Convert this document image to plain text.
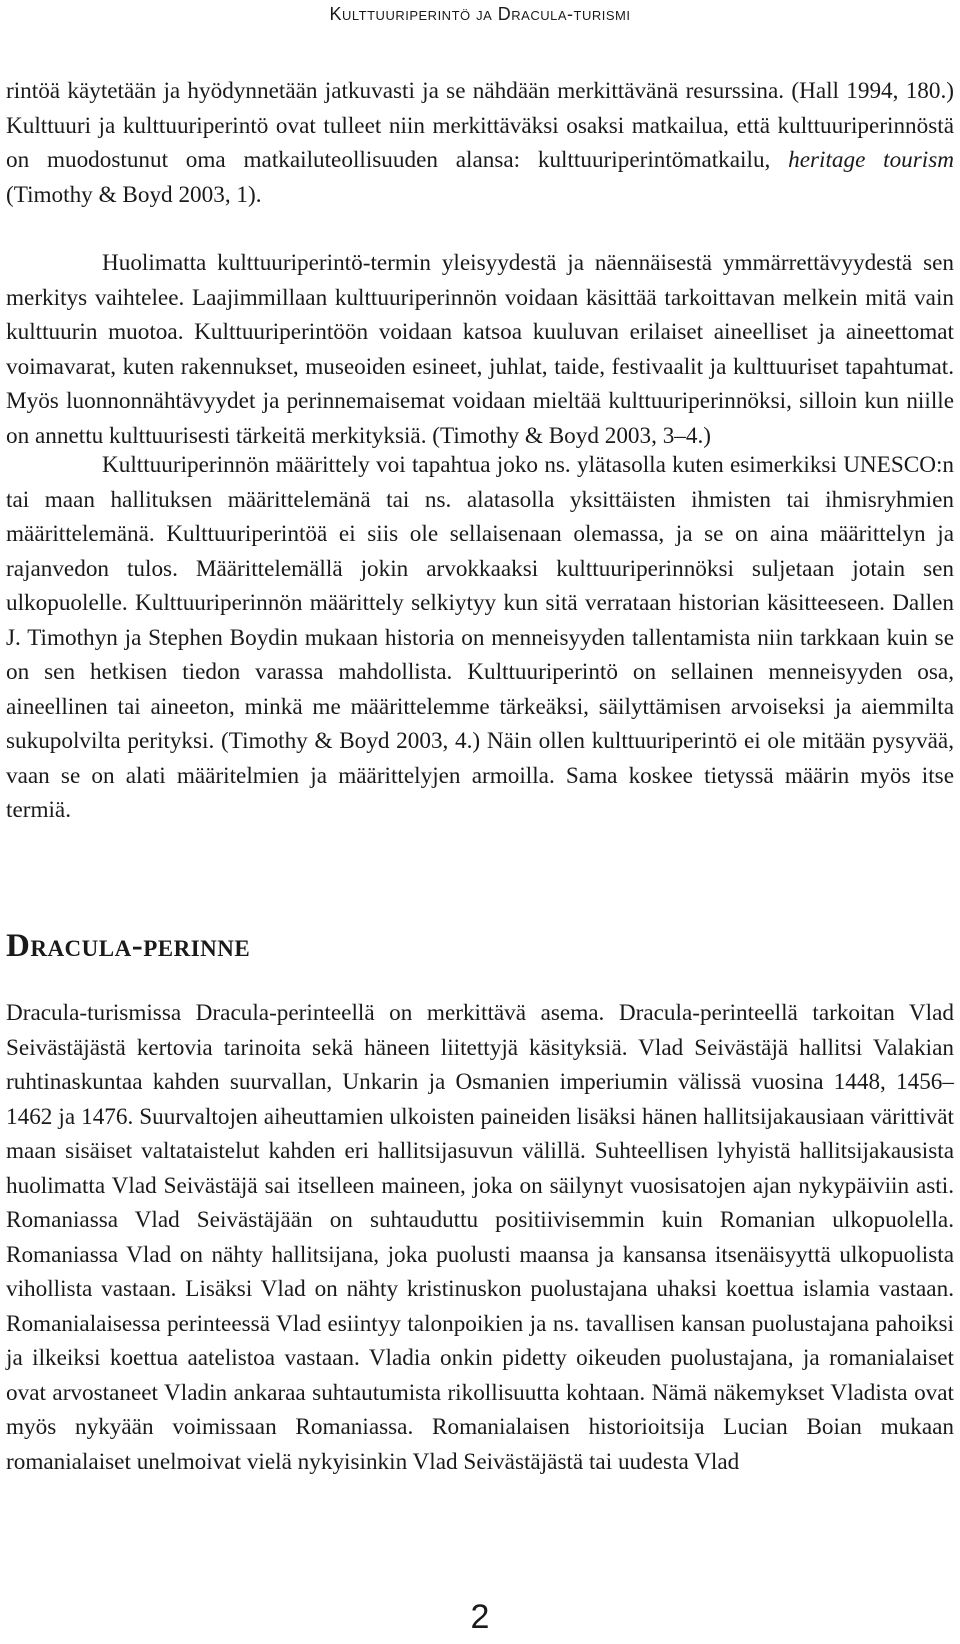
Kulttuuriperintö ja Dracula-turismi

rintöä käytetään ja hyödynnetään jatkuvasti ja se nähdään merkittävänä resurssina. (Hall 1994, 180.) Kulttuuri ja kulttuuriperintö ovat tulleet niin merkittäväksi osaksi matkailua, että kulttuuriperinnöstä on muodostunut oma matkailuteollisuuden alansa: kulttuuriperintömatkailu, heritage tourism (Timothy & Boyd 2003, 1).

Huolimatta kulttuuriperintö-termin yleisyydestä ja näennäisestä ymmärrettävyydestä sen merkitys vaihtelee. Laajimmillaan kulttuuriperinnön voidaan käsittää tarkoittavan melkein mitä vain kulttuurin muotoa. Kulttuuriperintöön voidaan katsoa kuuluvan erilaiset aineelliset ja aineettomat voimavarat, kuten rakennukset, museoiden esineet, juhlat, taide, festivaalit ja kulttuuriset tapahtumat. Myös luonnonnähtävyydet ja perinnemaisemat voidaan mieltää kulttuuriperinnöksi, silloin kun niille on annettu kulttuurisesti tärkeitä merkityksiä. (Timothy & Boyd 2003, 3–4.)

Kulttuuriperinnön määrittely voi tapahtua joko ns. ylätasolla kuten esimerkiksi UNESCO:n tai maan hallituksen määrittelemänä tai ns. alatasolla yksittäisten ihmisten tai ihmisryhmien määrittelemänä. Kulttuuriperintöä ei siis ole sellaisenaan olemassa, ja se on aina määrittelyn ja rajanvedon tulos. Määrittelemällä jokin arvokkaaksi kulttuuriperinnöksi suljetaan jotain sen ulkopuolelle. Kulttuuriperinnön määrittely selkiytyy kun sitä verrataan historian käsitteeseen. Dallen J. Timothyn ja Stephen Boydin mukaan historia on menneisyyden tallentamista niin tarkkaan kuin se on sen hetkisen tiedon varassa mahdollista. Kulttuuriperintö on sellainen menneisyyden osa, aineellinen tai aineeton, minkä me määrittelemme tärkeäksi, säilyttämisen arvoiseksi ja aiemmilta sukupolvilta perityksi. (Timothy & Boyd 2003, 4.) Näin ollen kulttuuriperintö ei ole mitään pysyvää, vaan se on alati määritelmien ja määrittelyjen armoilla. Sama koskee tietyssä määrin myös itse termiä.

Dracula-perinne

Dracula-turismissa Dracula-perinteellä on merkittävä asema. Dracula-perinteellä tarkoitan Vlad Seivästäjästä kertovia tarinoita sekä häneen liitettyjä käsityksiä. Vlad Seivästäjä hallitsi Valakian ruhtinaskuntaa kahden suurvallan, Unkarin ja Osmanien imperiumin välissä vuosina 1448, 1456–1462 ja 1476. Suurvaltojen aiheuttamien ulkoisten paineiden lisäksi hänen hallitsijakausiaan värittivät maan sisäiset valtataistelut kahden eri hallitsijasuvun välillä. Suhteellisen lyhyistä hallitsijakausista huolimatta Vlad Seivästäjä sai itselleen maineen, joka on säilynyt vuosisatojen ajan nykypäiviin asti. Romaniassa Vlad Seivästäjään on suhtauduttu positiivisemmin kuin Romanian ulkopuolella. Romaniassa Vlad on nähty hallitsijana, joka puolusti maansa ja kansansa itsenäisyyttä ulkopuolista vihollista vastaan. Lisäksi Vlad on nähty kristinuskon puolustajana uhaksi koettua islamia vastaan. Romanialaisessa perinteessä Vlad esiintyy talonpoikien ja ns. tavallisen kansan puolustajana pahoiksi ja ilkeiksi koettua aatelistoa vastaan. Vladia onkin pidetty oikeuden puolustajana, ja romanialaiset ovat arvostaneet Vladin ankaraa suhtautumista rikollisuutta kohtaan. Nämä näkemykset Vladista ovat myös nykyään voimissaan Romaniassa. Romanialaisen historioitsija Lucian Boian mukaan romanialaiset unelmoivat vielä nykyisinkin Vlad Seivästäjästä tai uudesta Vlad

2
